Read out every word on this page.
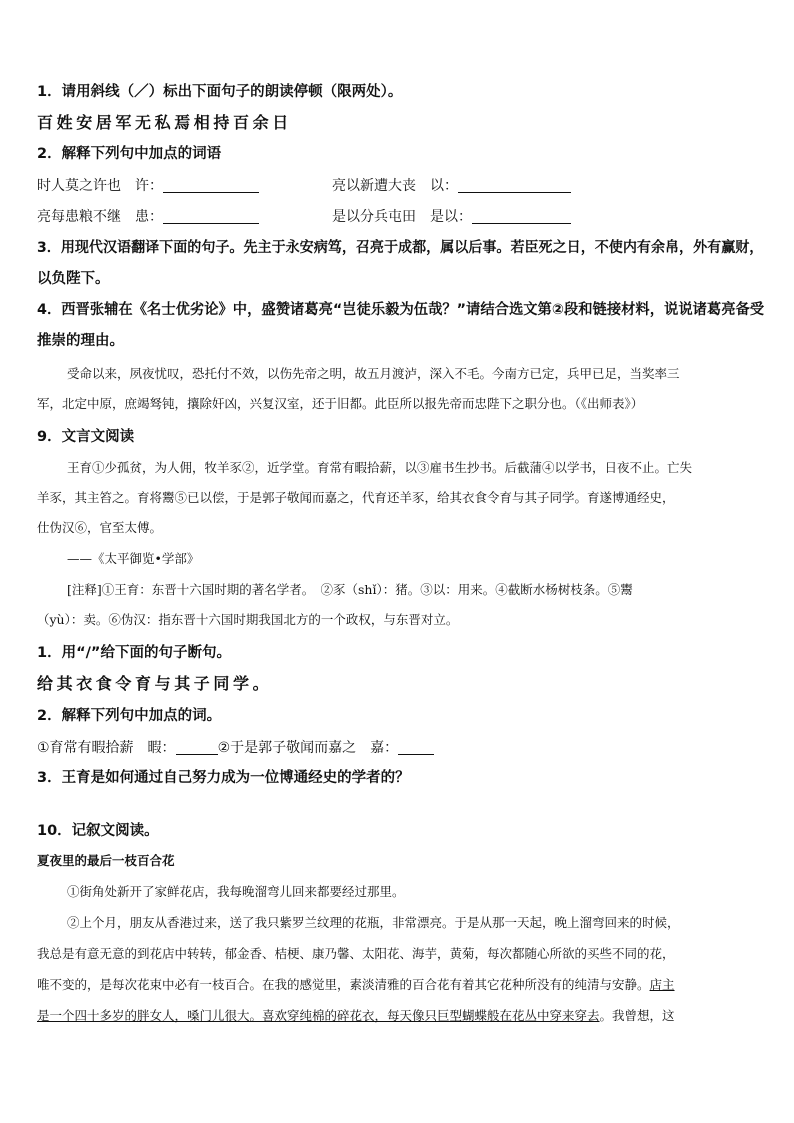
1．请用斜线（／）标出下面句子的朗读停顿（限两处）。
百姓安居军无私焉相持百余日
2．解释下列句中加点的词语
时人莫之许也　许：	亮以新遭大丧　以：
亮每患粮不继　患：	是以分兵屯田　是以：
3．用现代汉语翻译下面的句子。先主于永安病笃，召亮于成都，属以后事。若臣死之日，不使内有余帛，外有赢财，
以负陛下。
4．西晋张辅在《名士优劣论》中，盛赞诸葛亮“岂徒乐毅为伍哉？”请结合选文第②段和链接材料，说说诸葛亮备受
推崇的理由。
受命以来，夙夜忧叹，恐托付不效，以伤先帝之明，故五月渡泸，深入不毛。今南方已定，兵甲已足，当奖率三
军，北定中原，庶竭驽钝，攘除奸凶，兴复汉室，还于旧都。此臣所以报先帝而忠陛下之职分也。（《出师表》）
9．文言文阅读
王育①少孤贫，为人佣，牧羊豕②，近学堂。育常有暇拾薪，以③雇书生抄书。后截蒲④以学书，日夜不止。亡失
羊豕，其主笞之。育将鬻⑤已以偿，于是郭子敬闻而嘉之，代育还羊豕，给其衣食令育与其子同学。育遂博通经史，
仕伪汉⑥，官至太傅。
——《太平御览•学部》
[注释]①王育：东晋十六国时期的著名学者。　②豕（shǐ）：猪。③以：用来。④截断水杨树枝条。⑤鬻
（yù）：卖。⑥伪汉：指东晋十六国时期我国北方的一个政权，与东晋对立。
1．用“/”给下面的句子断句。
给其衣食令育与其子同学。
2．解释下列句中加点的词。
①育常有暇拾薪　暇：	②于是郭子敬闻而嘉之　嘉：
3．王育是如何通过自己努力成为一位博通经史的学者的？
10．记叙文阅读。
夏夜里的最后一枝百合花
①街角处新开了家鲜花店，我每晚溜弯儿回来都要经过那里。
②上个月，朋友从香港过来，送了我只紫罗兰纹理的花瓶，非常漂亮。于是从那一天起，晚上溜弯回来的时候，
我总是有意无意的到花店中转转，郁金香、桔梗、康乃馨、太阳花、海芋，黄菊，每次都随心所欲的买些不同的花，
唯不变的，是每次花束中必有一枝百合。在我的感觉里，素淡清雅的百合花有着其它花种所没有的纯清与安静。店主
是一个四十多岁的胖女人，嗓门儿很大。喜欢穿纯棉的碎花衣，每天像只巨型蝴蝶般在花丛中穿来穿去。我曾想，这
